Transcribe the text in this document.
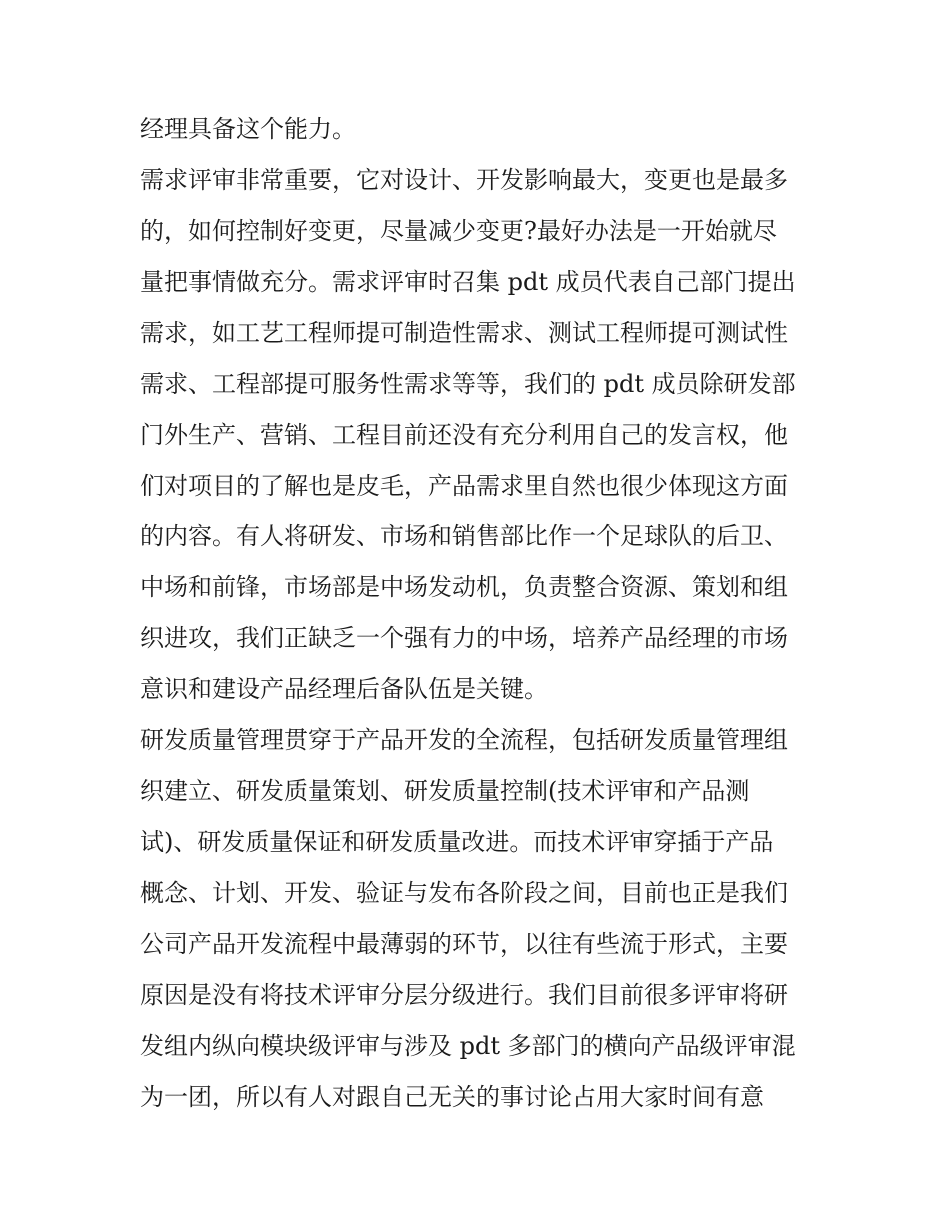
经理具备这个能力。

需求评审非常重要，它对设计、开发影响最大，变更也是最多

的，如何控制好变更，尽量减少变更?最好办法是一开始就尽

量把事情做充分。需求评审时召集 pdt 成员代表自己部门提出

需求，如工艺工程师提可制造性需求、测试工程师提可测试性

需求、工程部提可服务性需求等等，我们的 pdt 成员除研发部

门外生产、营销、工程目前还没有充分利用自己的发言权，他

们对项目的了解也是皮毛，产品需求里自然也很少体现这方面

的内容。有人将研发、市场和销售部比作一个足球队的后卫、

中场和前锋，市场部是中场发动机，负责整合资源、策划和组

织进攻，我们正缺乏一个强有力的中场，培养产品经理的市场

意识和建设产品经理后备队伍是关键。

研发质量管理贯穿于产品开发的全流程，包括研发质量管理组

织建立、研发质量策划、研发质量控制(技术评审和产品测

试)、研发质量保证和研发质量改进。而技术评审穿插于产品

概念、计划、开发、验证与发布各阶段之间，目前也正是我们

公司产品开发流程中最薄弱的环节，以往有些流于形式，主要

原因是没有将技术评审分层分级进行。我们目前很多评审将研

发组内纵向模块级评审与涉及 pdt 多部门的横向产品级评审混

为一团，所以有人对跟自己无关的事讨论占用大家时间有意
